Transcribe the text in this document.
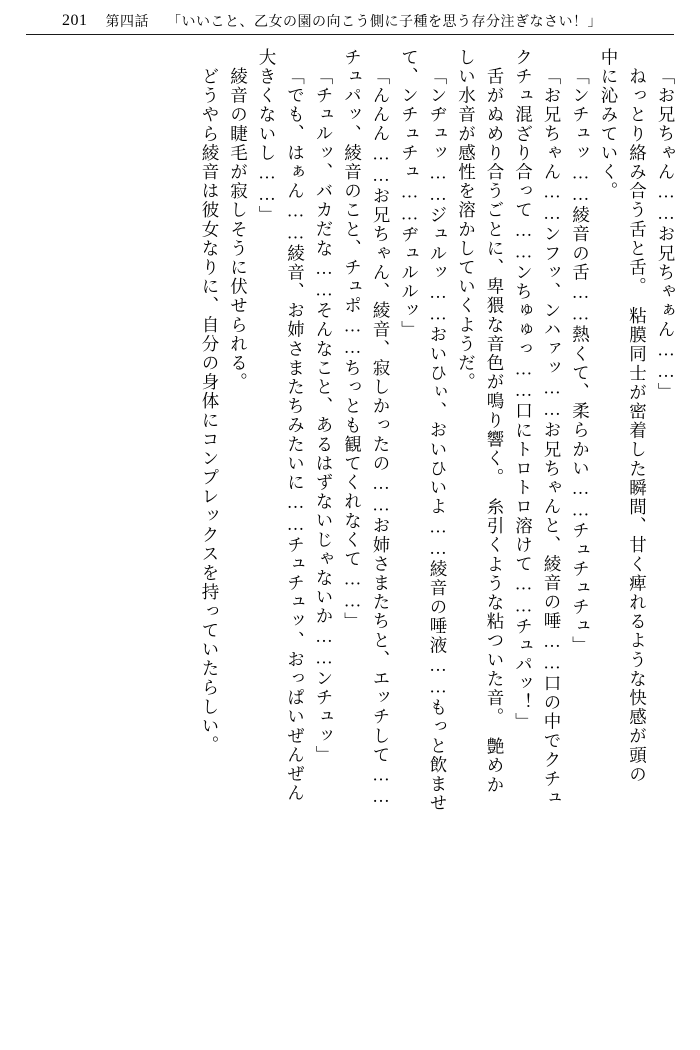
201 第四話 「いいこと、乙女の園の向こう側に子種を思う存分注ぎなさい！」
「お兄ちゃん……お兄ちゃぁん……」
　ねっとり絡み合う舌と舌。　粘膜同士が密着した瞬間、甘く痺れるような快感が頭の
中に沁みていく。
「ンチュッ……綾音の舌……熱くて、柔らかい……チュチュチュ」
「お兄ちゃん……ンフッ、ンハァッ……お兄ちゃんと、綾音の唾……口の中でクチュ
クチュ混ざり合って……ンちゅゅっ……口にトロトロ溶けて……チュパッ！」
　舌がぬめり合うごとに、卑猥な音色が鳴り響く。　糸引くような粘ついた音。　艶めか
しい水音が感性を溶かしていくようだ。
「ンヂュッ……ジュルッ……おいひぃ、おいひいよ……綾音の唾液……もっと飲ませ
て、ンチュチュ……ヂュルルッ」
「んんん……お兄ちゃん、綾音、寂しかったの……お姉さまたちと、エッチして……
チュパッ、綾音のこと、チュポ……ちっとも観てくれなくて……」
「チュルッ、バカだな……そんなこと、あるはずないじゃないか……ンチュッ」
「でも、はぁん……綾音、お姉さまたちみたいに……チュチュッ、おっぱいぜんぜん
大きくないし……」
　綾音の睫毛が寂しそうに伏せられる。
　どうやら綾音は彼女なりに、自分の身体にコンプレックスを持っていたらしい。
